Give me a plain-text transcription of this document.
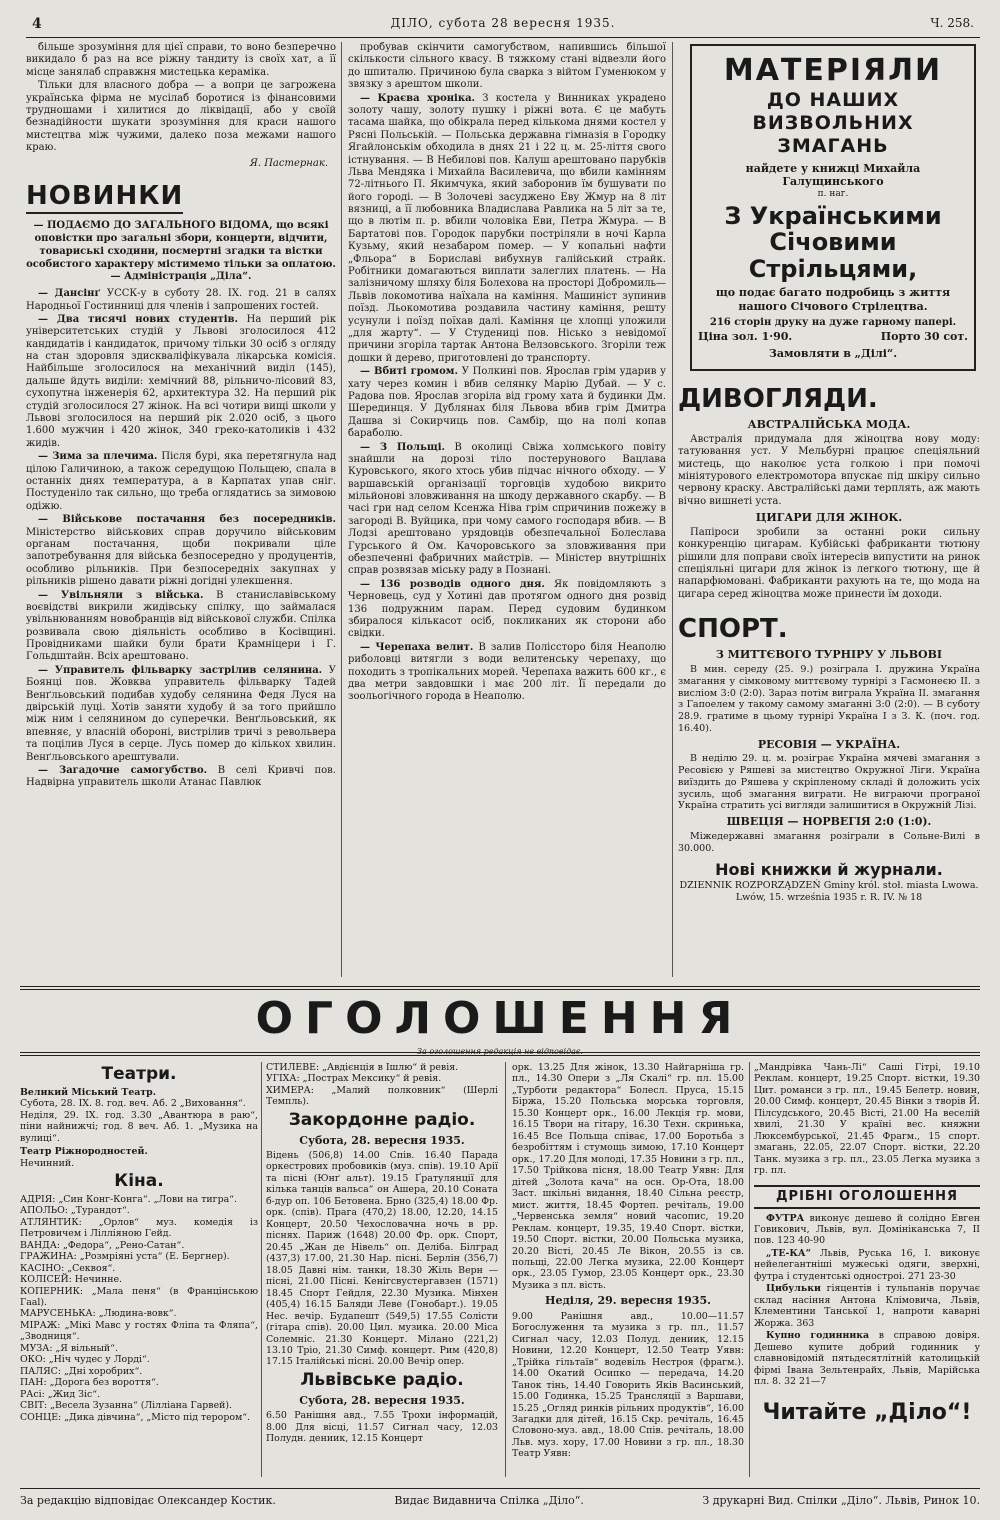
4	ДІЛО, субота 28 вересня 1935.	Ч. 258.

більше зрозуміння для цієї справи, то воно безперечно викидало б раз на все ріжну тандиту із своїх хат, а її місце занялаб справжня мистецька кераміка.

Тільки для власного добра — а вопри це загрожена українська фірма не мусілаб боротися із фінансовими трудношами і хилитися до ліквідації, або у своїй безнадійности шукати зрозуміння для краси нашого мистецтва між чужими, далеко поза межами нашого краю.

Я. Пастернак.
НОВИНКИ
— ПОДАЄМО ДО ЗАГАЛЬНОГО ВІДОМА, що всякі оповістки про загальні збори, концерти, відчити, товариські сходини, посмертні згадки та вістки особистого характеру містимемо тільки за оплатою. — Адміністрація „Діла“.

— Дансінґ УССК-у в суботу 28. IX. год. 21 в салях Народньої Гостинниці для членів і запрошених гостей.

— Два тисячі нових студентів. На перший рік університетських студій у Львові зголосилося 412 кандидатів і кандидаток, причому тільки 30 осіб з огляду на стан здоровля здискваліфікувала лікарська комісія. Найбільше зголосилося на механічний виділ (145), дальше йдуть виділи: хемічний 88, рільничо-лісовий 83, сухопутна інженерія 62, архитектура 32. На перший рік студій зголосилося 27 жінок. На всі чотири вищі школи у Львові зголосилося на перший рік 2.020 осіб, з цього 1.600 мужчин і 420 жінок, 340 греко-католиків і 432 жидів.

— Зима за плечима. Після бурі, яка перетягнула над цілою Галичиною, а також середущою Польщею, спала в останніх днях температура, а в Карпатах упав сніг. Постуденіло так сильно, що треба оглядатись за зимовою одіжю.

— Військове постачання без посередників. Міністерство військових справ доручило військовим органам постачання, щоби покривали ціле запотребування для війська безпосередно у продуцентів, особливо рільників. При безпосередніх закупнах у рільників рішено давати ріжні догідні улекшення.

— Увільняли з війська. В станиславівському воєвідстві викрили жидівську спілку, що займалася увільнюванням новобранців від військової служби. Спілка розвивала свою діяльність особливо в Косівщині. Провідниками шайки були брати Крамніцери і Г. Гольдштайн. Всіх арештовано.

— Управитель фільварку застрілив селянина. У Боянці пов. Жовква управитель фільварку Тадей Венґльовський подибав худобу селянина Федя Луся на двірській луці. Хотів заняти худобу й за того прийшло між ним і селянином до суперечки. Венґльовський, як впевняє, у власній обороні, вистрілив тричі з револьвера та поцілив Луся в серце. Лусь помер до кількох хвилин. Венґльовського арештували.

— Загадочне самогубство. В селі Кривчі пов. Надвірна управитель школи Атанас Павлюк

пробував скінчити самогубством, напившись більшої скількости сільного квасу. В тяжкому стані відвезли його до шпиталю. Причиною була сварка з війтом Гуменюком у звязку з арештом школи.

— Краєва хроніка. З костела у Винниках украдено золоту чашу, золоту пушку і ріжні вота. Є це мабуть тасама шайка, що обікрала перед кількома днями костел у Рясні Польській. — Польська державна гімназія в Городку Ягайлонськім обходила в днях 21 і 22 ц. м. 25-ліття свого істнування. — В Небилові пов. Калуш арештовано парубків Льва Мендяка і Михайла Василевича, що вбили камінням 72-літнього П. Якимчука, який заборонив їм бушувати по його городі. — В Золочеві засуджено Еву Жмур на 8 літ вязниці, а її любовника Владислава Равлика на 5 літ за те, що в лютім п. р. вбили чоловіка Еви, Петра Жмура. — В Бартатові пов. Городок парубки постріляли в ночі Карла Кузьму, який незабаром помер. — У копальні нафти „Фльора“ в Бориславі вибухнув галійський страйк. Робітники домагаються виплати залеглих платень. — На залізничому шляху біля Болехова на просторі Добромиль—Львів локомотива наїхала на каміння. Машиніст зупинив поїзд. Льокомотива роздавила частину каміння, решту усунули і поїзд поїхав далі. Каміння це хлопці уложили „для жарту“. — У Студениці пов. Нісько з невідомої причини згоріла тартак Антона Велзовського. Згоріли теж дошки й дерево, приготовлені до транспорту.

— Вбиті громом. У Полкині пов. Ярослав грім ударив у хату через комин і вбив селянку Марію Дубай. — У с. Радова пов. Ярослав згоріла від грому хата й будинки Дм. Шерединця. У Дублянах біля Львова вбив грім Дмитра Дашва зі Сокирчиць пов. Самбір, що на полі копав бараболю.

— З Польщі. В околиці Свіжа холмського повіту знайшли на дорозі тіло постерунового Вацлава Куровського, якого хтось убив підчас нічного обходу. — У варшавській організації торговців худобою викрито мільйонові зловживання на шкоду державного скарбу. — В часі гри над селом Ксенжа Ніва грім спричинив пожежу в загороді В. Вуйцика, при чому самого господаря вбив. — В Лодзі арештовано урядовців обезпечальної Болеслава Гурського й Ом. Качоровського за зловживання при обезпеченні фабричних майстрів. — Міністер внутрішніх справ розвязав міську раду в Познані.

— 136 розводів одного дня. Як повідомляють з Черновець, суд у Хотині дав протягом одного дня розвід 136 подружним парам. Перед судовим будинком збиралося кількасот осіб, покликаних як сторони або свідки.

— Черепаха велит. В залив Поліссторо біля Неаполю риболовці витягли з води велитенську черепаху, що походить з тропікальних морей. Черепаха важить 600 кг., є два метри завдовшки і має 200 літ. Її передали до зоольогічного города в Неаполю.

МАТЕРІЯЛИ
ДО НАШИХ ВИЗВОЛЬНИХ
ЗМАГАНЬ
найдете у книжці Михайла Галущинського
п. наг.
З Українськими Січовими Стрільцями,
що подає багато подробиць з життя нашого Січового Стрілецтва.
216 сторін друку на дуже гарному папері.
Ціна зол. 1·90.	Порто 30 сот.
Замовляти в „Ділі“.
ДИВОГЛЯДИ.
АВСТРАЛІЙСЬКА МОДА.

Австралія придумала для жіноцтва нову моду: татуювання уст. У Мельбурні працює спеціяльний мистець, що наколює уста голкою і при помочі мініятурового електромотора впускає під шкіру сильно червону краску. Австралійські дами терплять, аж мають вічно вишнеті уста.

ЦИГАРИ ДЛЯ ЖІНОК.

Папіроси зробили за останні роки сильну конкуренцію цигарам. Кубійські фабриканти тютюну рішили для поправи своїх інтересів випустити на ринок спеціяльні цигари для жінок із легкого тютюну, ще й напарфюмовані. Фабриканти рахують на те, що мода на цигара серед жіноцтва може принести їм доходи.

СПОРТ.
З МИТТЄВОГО ТУРНІРУ У ЛЬВОВІ

В мин. середу (25. 9.) розіграла І. дружина Україна змагання у сімковому миттєвому турнірі з Гасмонеєю ІІ. з висліом 3:0 (2:0). Зараз потім виграла Україна ІІ. змагання з Гапоелем у такому самому змаганні 3:0 (2:0). — В суботу 28.9. гратиме в цьому турнірі Україна І з З. К. (поч. год. 16.40).

РЕСОВІЯ — УКРАЇНА.

В неділю 29. ц. м. розіграє Україна мячеві змагання з Ресовією у Ряшеві за мистецтво Окружної Ліги. Україна виїздить до Ряшева у скріпленому складі й доложить усіх зусиль, щоб змагання виграти. Не виграючи програної Україна стратить усі вигляди залишитися в Окружній Лізі.

ШВЕЦІЯ — НОРВЕГІЯ 2:0 (1:0).

Міжедержавні змагання розіграли в Сольне-Вилі в 30.000.

Нові книжки й журнали.
DZIENNIK ROZPORZĄDZEŃ Gminy król. stoł. miasta Lwowa. Lwów, 15. września 1935 r. R. IV. № 18
ОГОЛОШЕННЯ
За оголошення редакція не відповідає.
Театри.
Великий Міський Театр.
Субота, 28. IX. 8. год. веч. Аб. 2 „Виховання“.
Неділя, 29. IX. год. 3.30 „Авантюра в раю“, піни найнижчі; год. 8 веч. Аб. 1. „Музика на вулиці“.
Театр Ріжнородностей.
Нечинний.
Кіна.
АДРІЯ: „Син Конг-Конга“. „Лови на тигра“.
АПОЛЬО: „Турандот“.
АТЛЯНТИК: „Орлов“ муз. комедія із Петровичем і Лілліяною Гейд.
ВАНДА: „Федора“, „Рено-Сатан“.
ГРАЖИНА: „Розмріяні уста“ (Е. Бергнер).
КАСІНО: „Секвоя“.
КОЛІСЕЙ: Нечинне.
КОПЕРНИК: „Мала пеня“ (в Францінською Гаal).
МАРУСЕНЬКА: „Людина-вовк“.
МІРАЖ: „Мікі Мавс у гостях Фліпа та Фляпа“, „Зводниця“.
МУЗА: „Я вільный“.
ОКО: „Ніч чудес у Лорді“.
ПАЛЯС: „Дні хоробрих“.
ПАН: „Дорога без вороття“.
РАсі: „Жид Зіс“.
СВІТ: „Весела Зузанна“ (Лілліана Гарвей).
СОНЦЕ: „Дика дівчина“, „Місто під терором“.
СТИЛЕВЕ: „Авдієнція в Ішлю“ й ревія.
УГІХА: „Пострах Мексику“ й ревія.
ХИМЕРА: „Малий полковник“ (Шерлі Темпль).
Закордонне радіо.
Субота, 28. вересня 1935.
Відень (506,8) 14.00 Спів. 16.40 Парада оркестрових пробовиків (муз. спів). 19.10 Арії та пісні (Юнґ альт). 19.15 Ґратулянції для кілька танців вальса“ он Ашера, 20.10 Соната б-дур оп. 106 Бетовена. Брно (325,4) 18.00 Фр. орк. (спів). Прага (470,2) 18.00, 12.20, 14.15 Концерт, 20.50 Чехословачна ночь в рр. піснях. Париж (1648) 20.00 Фр. орк. Спорт, 20.45 „Жан де Нівель“ оп. Деліба. Білград (437,3) 17.00, 21.30 Нар. пісні. Берлін (356,7) 18.05 Давні нім. танки, 18.30 Жіль Верн — пісні, 21.00 Пісні. Кенігсвустергавзен (1571) 18.45 Спорт Гейдля, 22.30 Музика. Мінхен (405,4) 16.15 Баляди Леве (Гонобарт.). 19.05 Нес. вечір. Будапешт (549,5) 17.55 Солісти (гітара спів). 20.00 Цил. музика. 20.00 Міса Солемніс. 21.30 Концерт. Мілано (221,2) 13.10 Тріо, 21.30 Симф. концерт. Рим (420,8) 17.15 Італійські пісні. 20.00 Вечір опер.
Львівське радіо.
Субота, 28. вересня 1935.
6.50 Ранішня авд., 7.55 Трохи інформацій, 8.00 Для вісці, 11.57 Сигнал часу, 12.03 Полудн. дениик, 12.15 Концерт
орк. 13.25 Для жінок, 13.30 Найгарніша гр. пл., 14.30 Опери з „Ля Скалі“ гр. пл. 15.00 „Турботи редактора“ Болесл. Пруса, 15.15 Біржа, 15.20 Польська морська торговля, 15.30 Концерт орк., 16.00 Лекція гр. мови, 16.15 Твори на гітару, 16.30 Техн. скринька, 16.45 Все Польща співає, 17.00 Боротьба з безробіттям і стумощь зимою, 17.10 Концерт орк., 17.20 Для молоді, 17.35 Новини з гр. пл., 17.50 Трійкова пісня, 18.00 Театр Уявн: Для дітей „Золота кача“ на осн. Ор-Ота, 18.00 Заст. шкільні видання, 18.40 Сільна реєстр, мист. життя, 18.45 Фортеп. речіталь, 19.00 „Червенська земля“ новий часопис, 19.20 Реклам. концерт, 19.35, 19.40 Спорт. вістки, 19.50 Спорт. вістки, 20.00 Польська музика, 20.20 Вісті, 20.45 Ле Вікон, 20.55 із св. польщі, 22.00 Легка музика, 22.00 Концерт орк., 23.05 Гумор, 23.05 Концерт орк., 23.30 Музика з пл. вість.
Неділя, 29. вересня 1935.
9.00 Ранішня авд., 10.00—11.57 Богослуження та музика з гр. пл., 11.57 Сигнал часу, 12.03 Полуд. дениик, 12.15 Новини, 12.20 Концерт, 12.50 Театр Уявн: „Трійка гільтаїв“ водевіль Нестроя (фрагм.). 14.00 Окатий Осипко — передача, 14.20 Танок тінь, 14.40 Говорить Яків Васинський, 15.00 Годинка, 15.25 Трансляції з Варшави, 15.25 „Огляд ринків рільних продуктів“, 16.00 Загадки для дітей, 16.15 Скр. речіталь, 16.45 Словоно-муз. авд., 18.00 Спів. речіталь, 18.00 Льв. муз. хору, 17.00 Новини з гр. пл., 18.30 Театр Уявн:
„Мандрівка Чань-Лі“ Саші Гітрі, 19.10 Реклам. концерт, 19.25 Спорт. вістки, 19.30 Цит. романси з гр. пл., 19.45 Белетр. новин, 20.00 Симф. концерт, 20.45 Вінки з творів Й. Пілсудського, 20.45 Вісті, 21.00 На веселій хвилі, 21.30 У країні вес. княжни Люксембурської, 21.45 Фрагм., 15 спорт. змагань, 22.05, 22.07 Спорт. вістки, 22.20 Танк. музика з гр. пл., 23.05 Легка музика з гр. пл.
ДРІБНІ ОГОЛОШЕННЯ

ФУТРА виконує дешево й солідно Евген Говикович, Львів, вул. Домініканська 7, ІІ пов. 123 40-90

„ТЕ-КА“ Львів, Руська 16, І. виконує нейелегантніші мужеські одяги, зверхні, футра і студентські одностроі. 271 23-30

Цибульки гіяцентів і тульпанів поручає склад насіння Антона Клімовича, Львів, Клементини Танської 1, напроти каварні Жоржа. 363

Купно годинника в справою довіря. Дешево купите добрий годинник у славновідомій пятьдесятлітній католицькій фірмі Івана Зельтенрайх, Львів, Марійська пл. 8. 32 21—7

Читайте „Діло“!
За редакцію відповідає Олександер Костик.	Видає Видавнича Спілка „Діло“.	З друкарні Вид. Спілки „Діло“. Львів, Ринок 10.
